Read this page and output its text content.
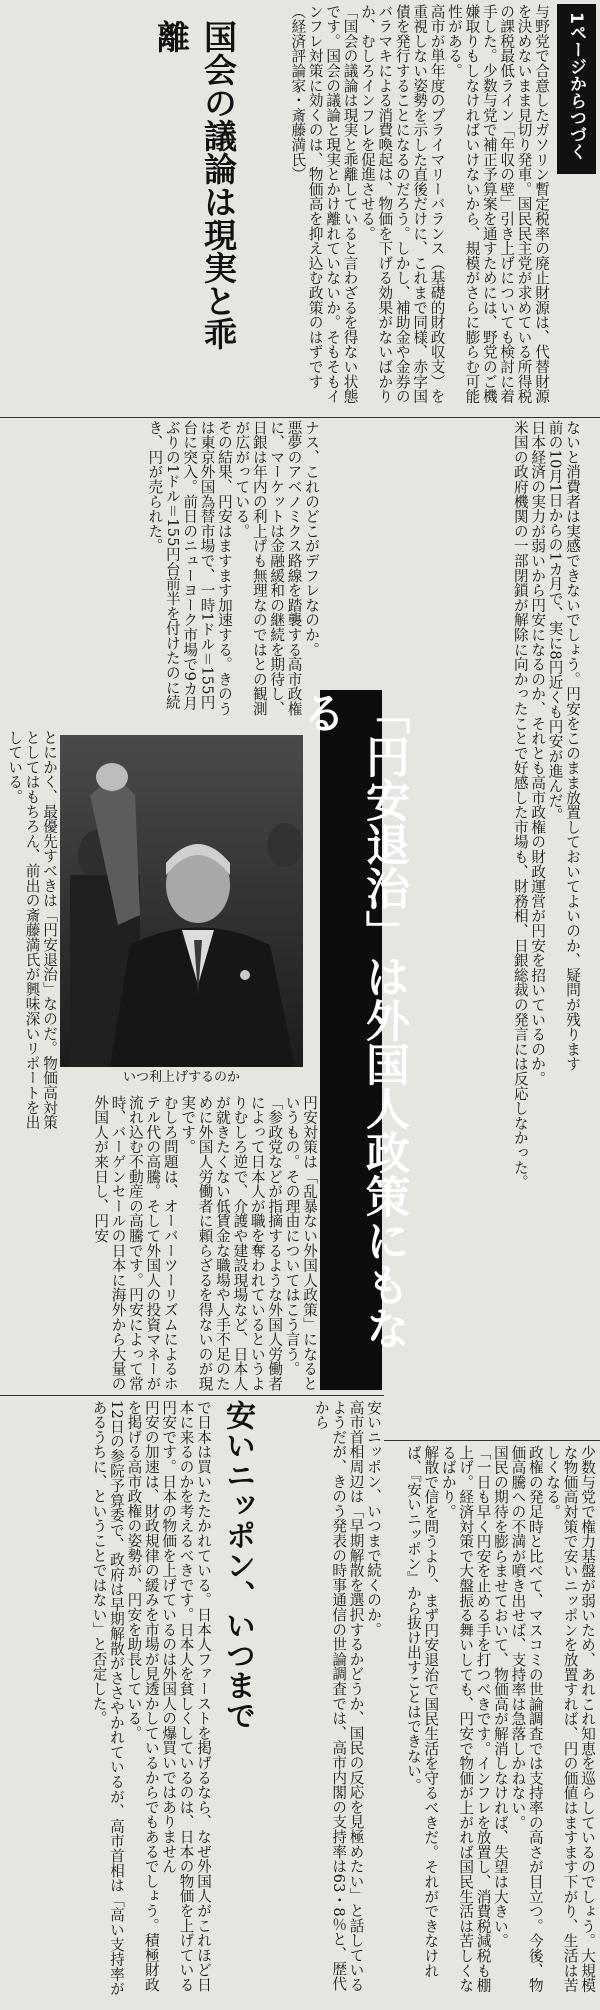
1ページからつづく
与野党で合意したガソリン暫定税率の廃止財源は、代替財源を決めないまま見切り発車。国民民主党が求めている所得税の課税最低ライン「年収の壁」引き上げについても検討に着手した。少数与党で補正予算案を通すためには、野党のご機嫌取りもしなければいけないから、規模がさらに膨らむ可能性がある。
高市が単年度のプライマリーバランス（基礎的財政収支）を重視しない姿勢を示した直後だけに、これまで同様、赤字国債を発行することになるのだろう。しかし、補助金や金券のバラマキによる消費喚起は、物価を下げる効果がないばかりか、むしろインフレを促進させる。
「国会の議論は現実と乖離していると言わざるを得ない状態です。国会の議論と現実とかけ離れていないか。そもそもインフレ対策に効くのは、物価高を抑え込む政策のはずです
（経済評論家・斎藤満氏）
国会の議論は現実と乖離
ナス、これのどこがデフレなのか。
悪夢のアベノミクス路線を踏襲する高市政権に、マーケットは金融緩和の継続を期待し、日銀は年内の利上げも無理なのではとの観測が広がっている。
その結果、円安はますます加速する。きのうは東京外国為替市場で、一時1ドル＝155円台に突入。前日のニューヨーク市場で9カ月ぶりの1ドル＝155円台前半を付けたのに続き、円が売られた。
「円安退治」は外国人政策にもなる	ないと消費者は実感できないでしょう。円安をこのまま放置しておいてよいのか、疑問が残ります
前の10月1日からの1カ月で、実に8円近くも円安が進んだ。
日本経済の実力が弱いから円安になるのか、それとも高市政権の財政運営が円安を招いているのか。
米国の政府機関の一部閉鎖が解除に向かったことで好感した市場も、財務相、日銀総裁の発言には反応しなかった。
いつ利上げするのか
とにかく、最優先すべきは「円安退治」なのだ。物価高対策としてはもちろん、前出の斎藤満氏が興味深いリポートを出している。
円安対策は「乱暴ない外国人政策」になるというもの。その理由についてはこう言う。
「参政党などが指摘するような外国人労働者によって日本人が職を奪われているというよりむしろ逆で、介護や建設現場など、日本人が就きたくない低賃金な職場や人手不足のために外国人労働者に頼らざるを得ないのが現実です。
むしろ問題は、オーバーツーリズムによるホテル代の高騰。そして外国人の投資マネーが流れ込む不動産の高騰です。円安によって常時、バーゲンセールの日本に海外から大量の外国人が来日し、円安
安いニッポン、いつまで
で日本は買いたたかれている。日本人ファーストを掲げるなら、なぜ外国人がこれほど日本に来るのかを考えるべきです。日本人を貧しくしているのは、日本の物価を上げている円安です。日本の物価を上げているのは外国人の爆買いではありません
円安の加速は、財政規律の緩みを市場が見透かしているからでもあるでしょう。積極財政を掲げる高市政権の姿勢が、円安を助長している。
12日の参院予算委で、政府は早期解散がささやかれているが、高市首相は「高い支持率があるうちに、ということではない」と否定した。	安いニッポン、いつまで続くのか。
高市首相周辺は「早期解散を選択するかどうか、国民の反応を見極めたい」と話しているようだが、きのう発表の時事通信の世論調査では、高市内閣の支持率は63・8％と、歴代から
少数与党で権力基盤が弱いため、あれこれ知恵を巡らしているのでしょう。大規模な物価高対策で安いニッポンを放置すれば、円の価値はますます下がり、生活は苦しくなる。
政権の発足時と比べて、マスコミの世論調査では支持率の高さが目立つ。今後、物価高騰への不満が噴き出せば、支持率は急落しかねない。
国民の期待を膨らませておいて、物価高が解消しなければ、失望は大きい。
「一日も早く円安を止める手を打つべきです。インフレを放置し、消費税減税も棚上げ。経済対策で大盤振る舞いしても、円安で物価が上がれば国民生活は苦しくなるばかり。
解散で信を問うより、まず円安退治で国民生活を守るべきだ。それができなければ、『安いニッポン』から抜け出すことはできない。
